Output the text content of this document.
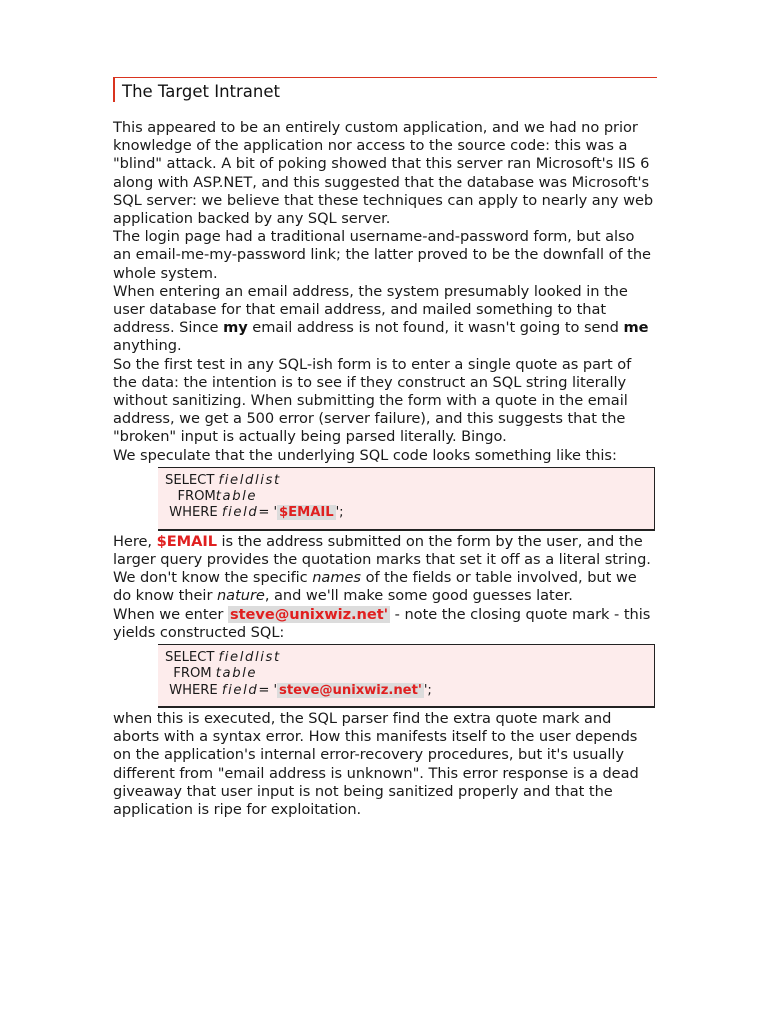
The Target Intranet

This appeared to be an entirely custom application, and we had no prior knowledge of the application nor access to the source code: this was a "blind" attack. A bit of poking showed that this server ran Microsoft's IIS 6 along with ASP.NET, and this suggested that the database was Microsoft's SQL server: we believe that these techniques can apply to nearly any web application backed by any SQL server.

The login page had a traditional username-and-password form, but also an email-me-my-password link; the latter proved to be the downfall of the whole system.

When entering an email address, the system presumably looked in the user database for that email address, and mailed something to that address. Since my email address is not found, it wasn't going to send me anything.

So the first test in any SQL-ish form is to enter a single quote as part of the data: the intention is to see if they construct an SQL string literally without sanitizing. When submitting the form with a quote in the email address, we get a 500 error (server failure), and this suggests that the "broken" input is actually being parsed literally. Bingo.

We speculate that the underlying SQL code looks something like this:

SELECT fieldlist
FROMtable
WHERE field= ' $EMAIL ';

Here, $EMAIL is the address submitted on the form by the user, and the larger query provides the quotation marks that set it off as a literal string. We don't know the specific names of the fields or table involved, but we do know their nature, and we'll make some good guesses later.

When we enter steve@unixwiz.net' - note the closing quote mark - this yields constructed SQL:

SELECT fieldlist
FROM table
WHERE field= ' steve@unixwiz.net' ';

when this is executed, the SQL parser find the extra quote mark and aborts with a syntax error. How this manifests itself to the user depends on the application's internal error-recovery procedures, but it's usually different from "email address is unknown". This error response is a dead giveaway that user input is not being sanitized properly and that the application is ripe for exploitation.
